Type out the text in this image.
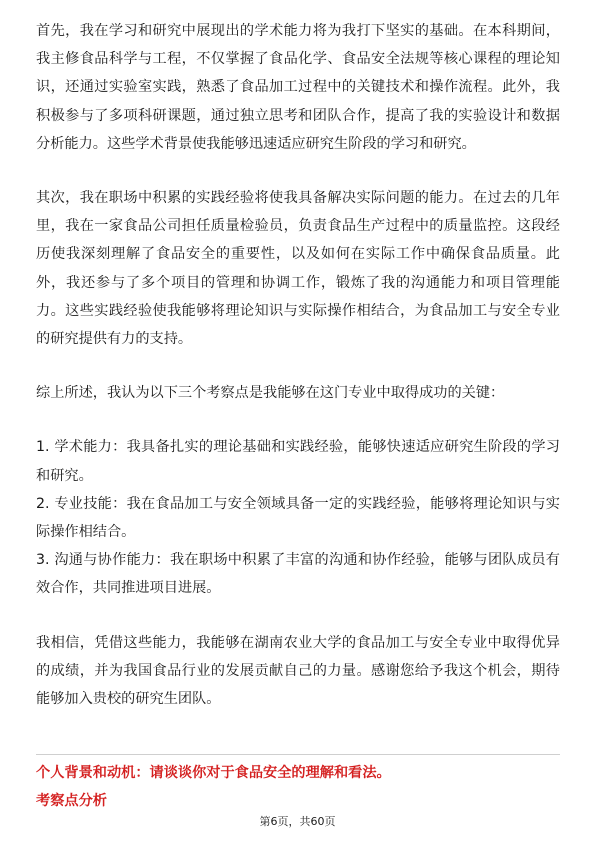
首先，我在学习和研究中展现出的学术能力将为我打下坚实的基础。在本科期间，我主修食品科学与工程，不仅掌握了食品化学、食品安全法规等核心课程的理论知识，还通过实验室实践，熟悉了食品加工过程中的关键技术和操作流程。此外，我积极参与了多项科研课题，通过独立思考和团队合作，提高了我的实验设计和数据分析能力。这些学术背景使我能够迅速适应研究生阶段的学习和研究。

其次，我在职场中积累的实践经验将使我具备解决实际问题的能力。在过去的几年里，我在一家食品公司担任质量检验员，负责食品生产过程中的质量监控。这段经历使我深刻理解了食品安全的重要性，以及如何在实际工作中确保食品质量。此外，我还参与了多个项目的管理和协调工作，锻炼了我的沟通能力和项目管理能力。这些实践经验使我能够将理论知识与实际操作相结合，为食品加工与安全专业的研究提供有力的支持。

综上所述，我认为以下三个考察点是我能够在这门专业中取得成功的关键：

1. 学术能力：我具备扎实的理论基础和实践经验，能够快速适应研究生阶段的学习和研究。

2. 专业技能：我在食品加工与安全领域具备一定的实践经验，能够将理论知识与实际操作相结合。

3. 沟通与协作能力：我在职场中积累了丰富的沟通和协作经验，能够与团队成员有效合作，共同推进项目进展。

我相信，凭借这些能力，我能够在湖南农业大学的食品加工与安全专业中取得优异的成绩，并为我国食品行业的发展贡献自己的力量。感谢您给予我这个机会，期待能够加入贵校的研究生团队。

个人背景和动机：请谈谈你对于食品安全的理解和看法。

考察点分析

第6页，共60页
